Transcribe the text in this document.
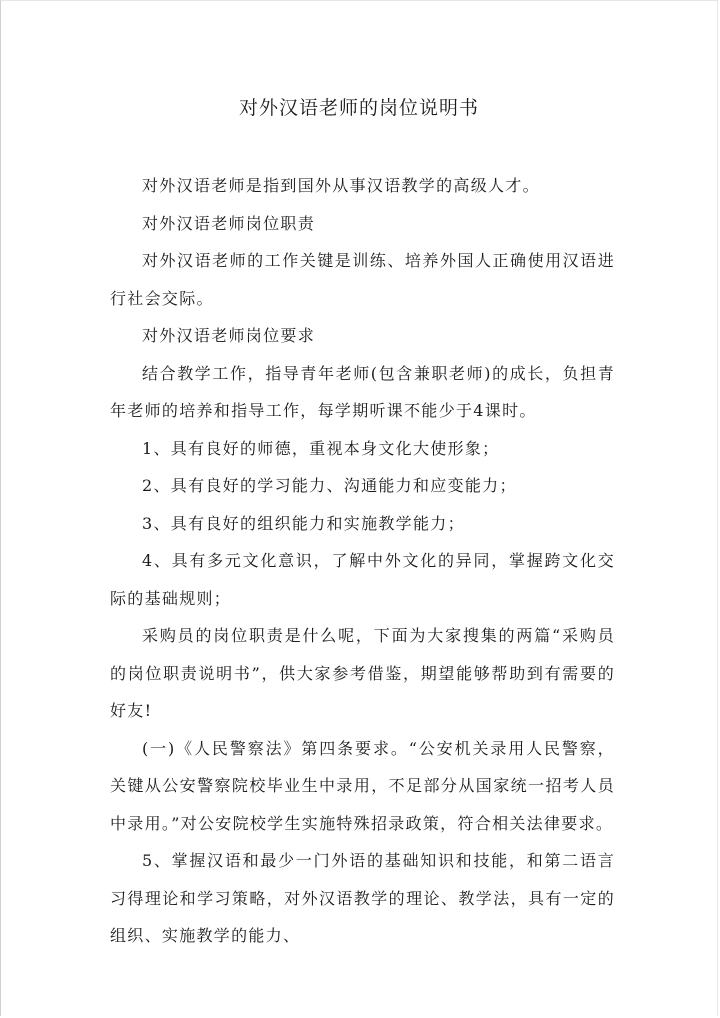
对外汉语老师的岗位说明书

对外汉语老师是指到国外从事汉语教学的高级人才。

对外汉语老师岗位职责

对外汉语老师的工作关键是训练、培养外国人正确使用汉语进行社会交际。

对外汉语老师岗位要求

结合教学工作，指导青年老师(包含兼职老师)的成长，负担青年老师的培养和指导工作，每学期听课不能少于4课时。

1、具有良好的师德，重视本身文化大使形象；

2、具有良好的学习能力、沟通能力和应变能力；

3、具有良好的组织能力和实施教学能力；

4、具有多元文化意识，了解中外文化的异同，掌握跨文化交际的基础规则；

采购员的岗位职责是什么呢，下面为大家搜集的两篇“采购员的岗位职责说明书”，供大家参考借鉴，期望能够帮助到有需要的好友!

(一)《人民警察法》第四条要求。“公安机关录用人民警察，关键从公安警察院校毕业生中录用，不足部分从国家统一招考人员中录用。”对公安院校学生实施特殊招录政策，符合相关法律要求。

5、掌握汉语和最少一门外语的基础知识和技能，和第二语言习得理论和学习策略，对外汉语教学的理论、教学法，具有一定的组织、实施教学的能力、
